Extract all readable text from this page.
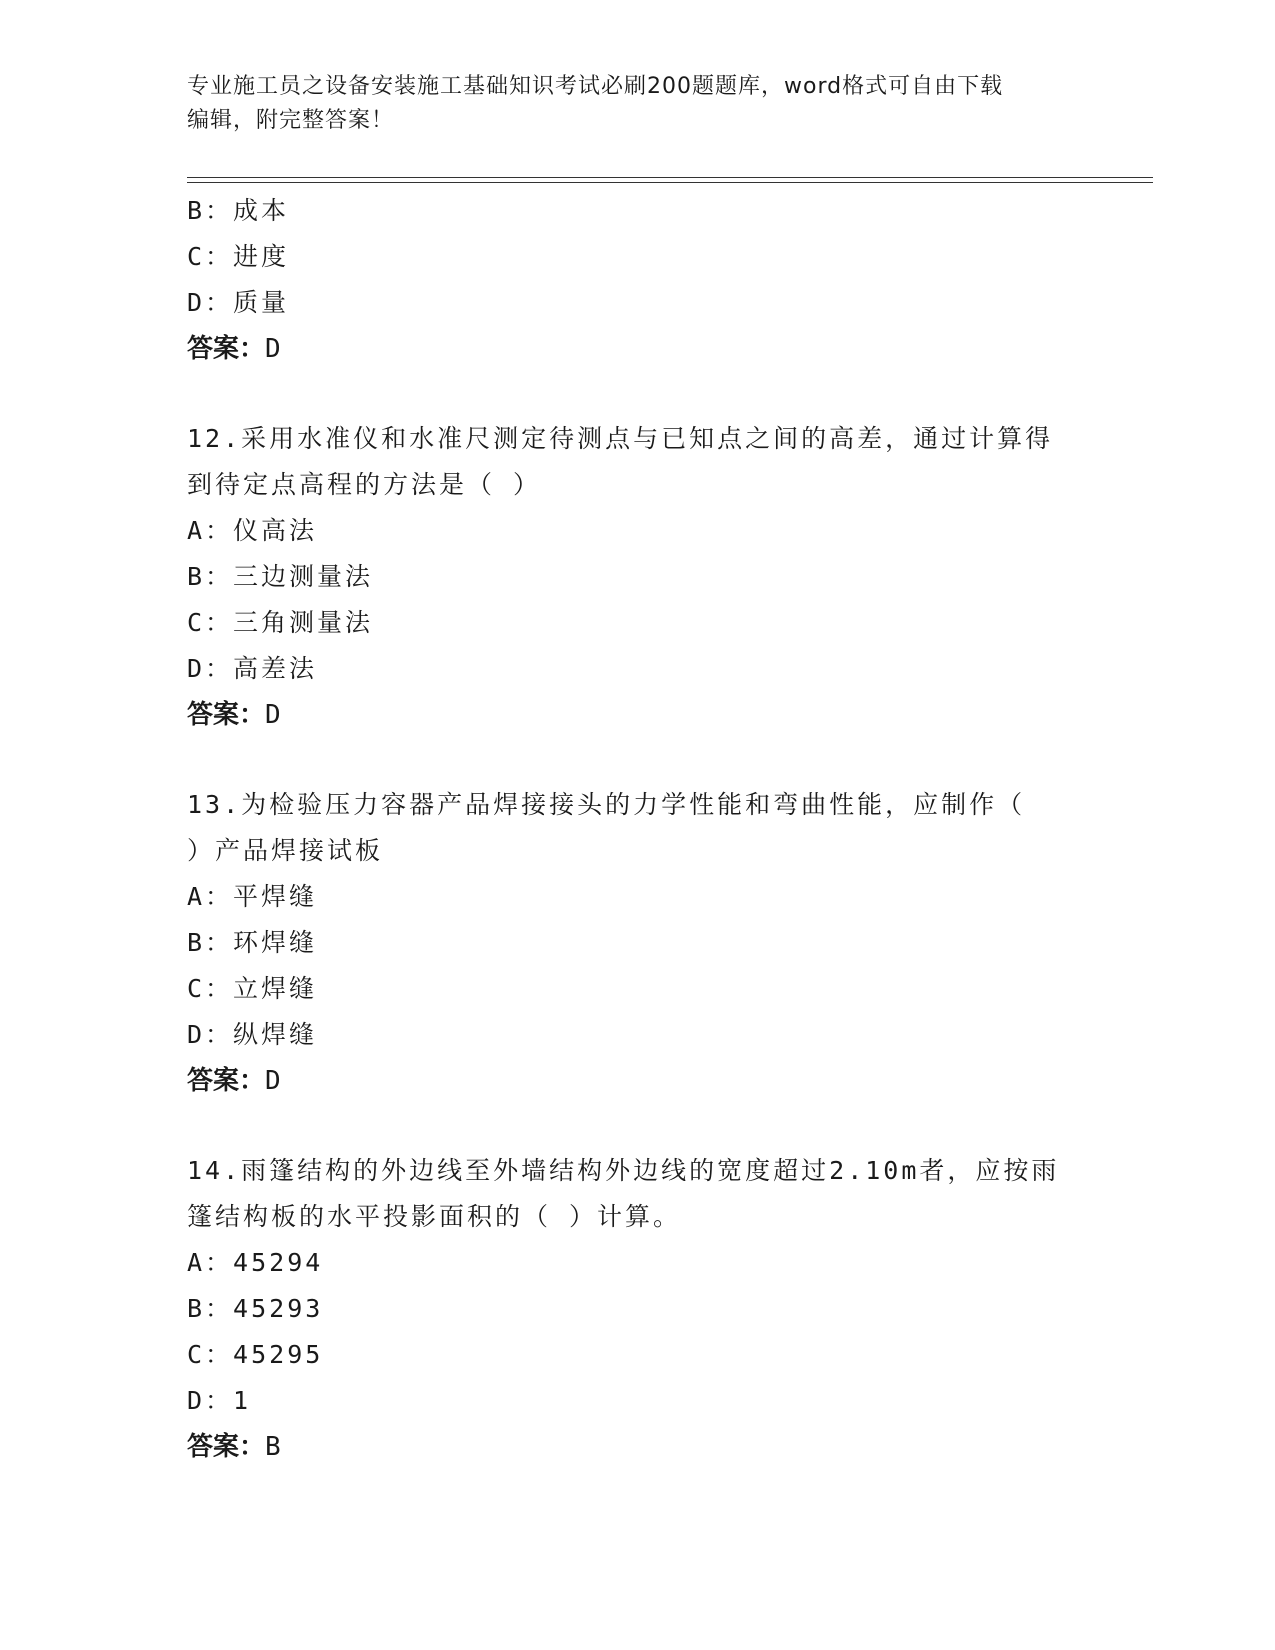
专业施工员之设备安装施工基础知识考试必刷200题题库，word格式可自由下载
编辑，附完整答案！
B：成本
C：进度
D：质量
答案：D
12.采用水准仪和水准尺测定待测点与已知点之间的高差，通过计算得
到待定点高程的方法是（ ）
A：仪高法
B：三边测量法
C：三角测量法
D：高差法
答案：D
13.为检验压力容器产品焊接接头的力学性能和弯曲性能，应制作（
）产品焊接试板
A：平焊缝
B：环焊缝
C：立焊缝
D：纵焊缝
答案：D
14.雨篷结构的外边线至外墙结构外边线的宽度超过2.10m者，应按雨
篷结构板的水平投影面积的（ ）计算。
A：45294
B：45293
C：45295
D：1
答案：B
